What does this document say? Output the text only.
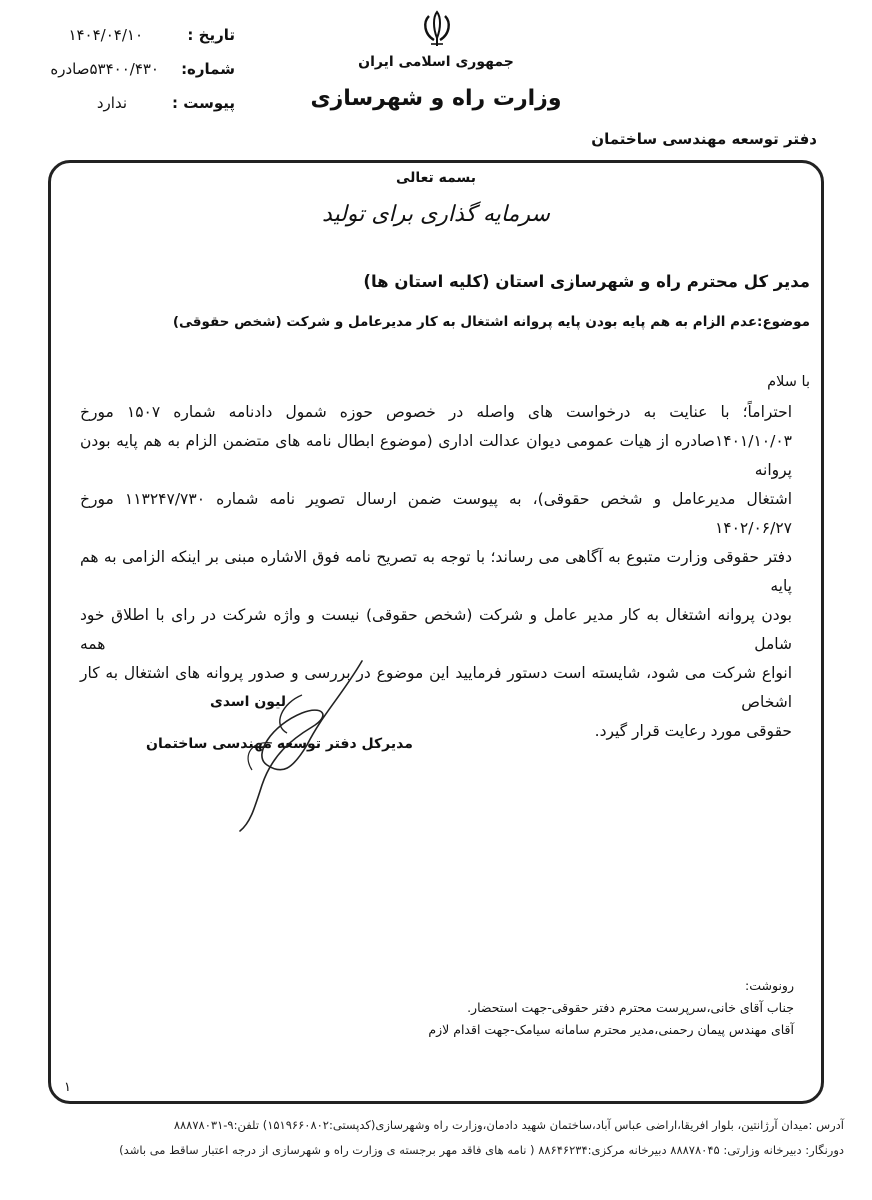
تاریخ :
۱۴۰۴/۰۴/۱۰
شماره:
۵۳۴۰۰/۴۳۰صادره
پیوست :
ندارد
جمهوری اسلامی ایران
وزارت راه و شهرسازی
دفتر توسعه مهندسی ساختمان
بسمه تعالی
سرمایه گذاری برای تولید
مدیر کل محترم راه و شهرسازی استان (کلیه استان ها)
موضوع:عدم الزام به هم پایه بودن پایه پروانه اشتغال به کار مدیرعامل و شرکت (شخص حقوقی)
با سلام
احتراماً؛ با عنایت به درخواست های واصله در خصوص حوزه شمول دادنامه شماره ۱۵۰۷ مورخ
۱۴۰۱/۱۰/۰۳صادره از هیات عمومی دیوان عدالت اداری (موضوع ابطال نامه های متضمن الزام به هم پایه بودن پروانه
اشتغال مدیرعامل و شخص حقوقی)، به پیوست ضمن ارسال تصویر نامه شماره ۱۱۳۲۴۷/۷۳۰ مورخ ۱۴۰۲/۰۶/۲۷
دفتر حقوقی وزارت متبوع به آگاهی می رساند؛ با توجه به تصریح نامه فوق الاشاره مبنی بر اینکه الزامی به هم پایه
بودن پروانه اشتغال به کار مدیر عامل و شرکت (شخص حقوقی) نیست و واژه شرکت در رای با اطلاق خود شامل همه
انواع شرکت می شود، شایسته است دستور فرمایید این موضوع در بررسی و صدور پروانه های اشتغال به کار اشخاص
حقوقی مورد رعایت قرار گیرد.
لیون اسدی
مدیرکل دفتر توسعه مهندسی ساختمان
رونوشت:
جناب آقای خانی،سرپرست محترم دفتر حقوقی-جهت استحضار.
آقای مهندس پیمان رحمنی،مدیر محترم سامانه سیامک-جهت اقدام لازم
۱
آدرس :میدان آرژانتین، بلوار افریقا،اراضی عباس آباد،ساختمان شهید دادمان،وزارت راه وشهرسازی(کدپستی:۱۵۱۹۶۶۰۸۰۲) تلفن:۹-۸۸۸۷۸۰۳۱
دورنگار: دبیرخانه وزارتی: ۸۸۸۷۸۰۴۵ دبیرخانه مرکزی:۸۸۶۴۶۲۳۴ ( نامه های فاقد مهر برجسته ی وزارت راه و شهرسازی از درجه اعتبار ساقط می باشد)
